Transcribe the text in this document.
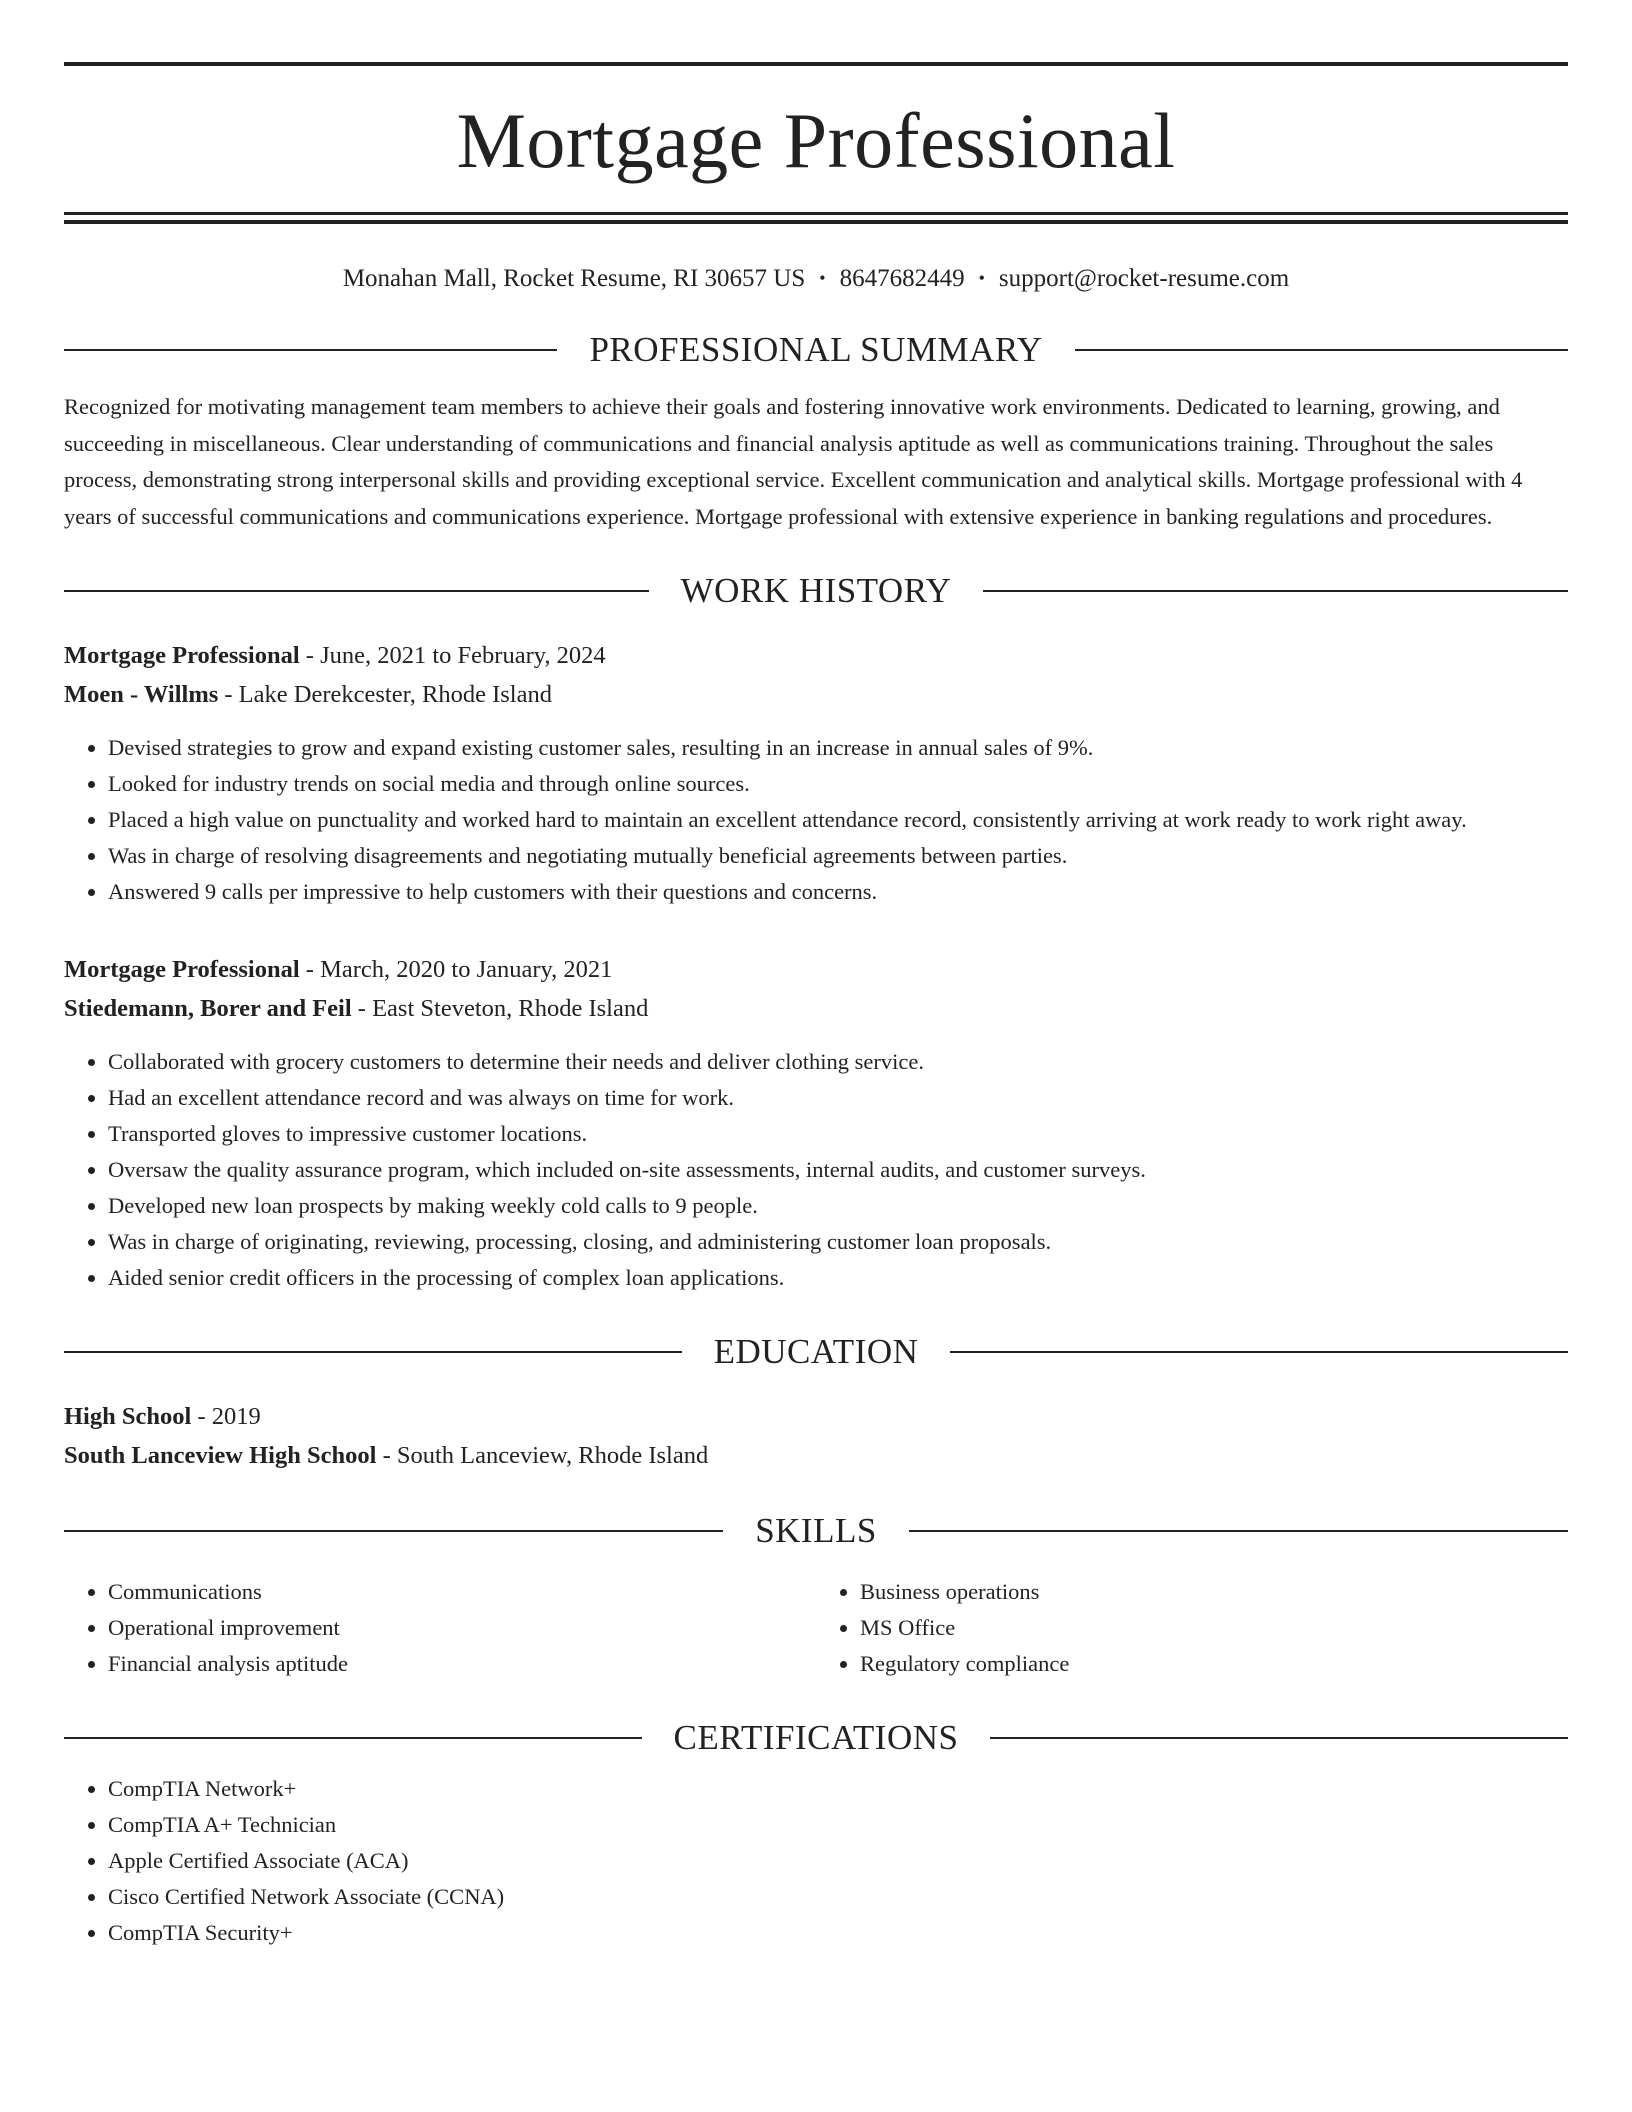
Mortgage Professional
Monahan Mall, Rocket Resume, RI 30657 US • 8647682449 • support@rocket-resume.com
PROFESSIONAL SUMMARY
Recognized for motivating management team members to achieve their goals and fostering innovative work environments. Dedicated to learning, growing, and succeeding in miscellaneous. Clear understanding of communications and financial analysis aptitude as well as communications training. Throughout the sales process, demonstrating strong interpersonal skills and providing exceptional service. Excellent communication and analytical skills. Mortgage professional with 4 years of successful communications and communications experience. Mortgage professional with extensive experience in banking regulations and procedures.
WORK HISTORY
Mortgage Professional - June, 2021 to February, 2024
Moen - Willms - Lake Derekcester, Rhode Island
• Devised strategies to grow and expand existing customer sales, resulting in an increase in annual sales of 9%.
• Looked for industry trends on social media and through online sources.
• Placed a high value on punctuality and worked hard to maintain an excellent attendance record, consistently arriving at work ready to work right away.
• Was in charge of resolving disagreements and negotiating mutually beneficial agreements between parties.
• Answered 9 calls per impressive to help customers with their questions and concerns.
Mortgage Professional - March, 2020 to January, 2021
Stiedemann, Borer and Feil - East Steveton, Rhode Island
• Collaborated with grocery customers to determine their needs and deliver clothing service.
• Had an excellent attendance record and was always on time for work.
• Transported gloves to impressive customer locations.
• Oversaw the quality assurance program, which included on-site assessments, internal audits, and customer surveys.
• Developed new loan prospects by making weekly cold calls to 9 people.
• Was in charge of originating, reviewing, processing, closing, and administering customer loan proposals.
• Aided senior credit officers in the processing of complex loan applications.
EDUCATION
High School - 2019
South Lanceview High School - South Lanceview, Rhode Island
SKILLS
• Communications
• Operational improvement
• Financial analysis aptitude
• Business operations
• MS Office
• Regulatory compliance
CERTIFICATIONS
• CompTIA Network+
• CompTIA A+ Technician
• Apple Certified Associate (ACA)
• Cisco Certified Network Associate (CCNA)
• CompTIA Security+
